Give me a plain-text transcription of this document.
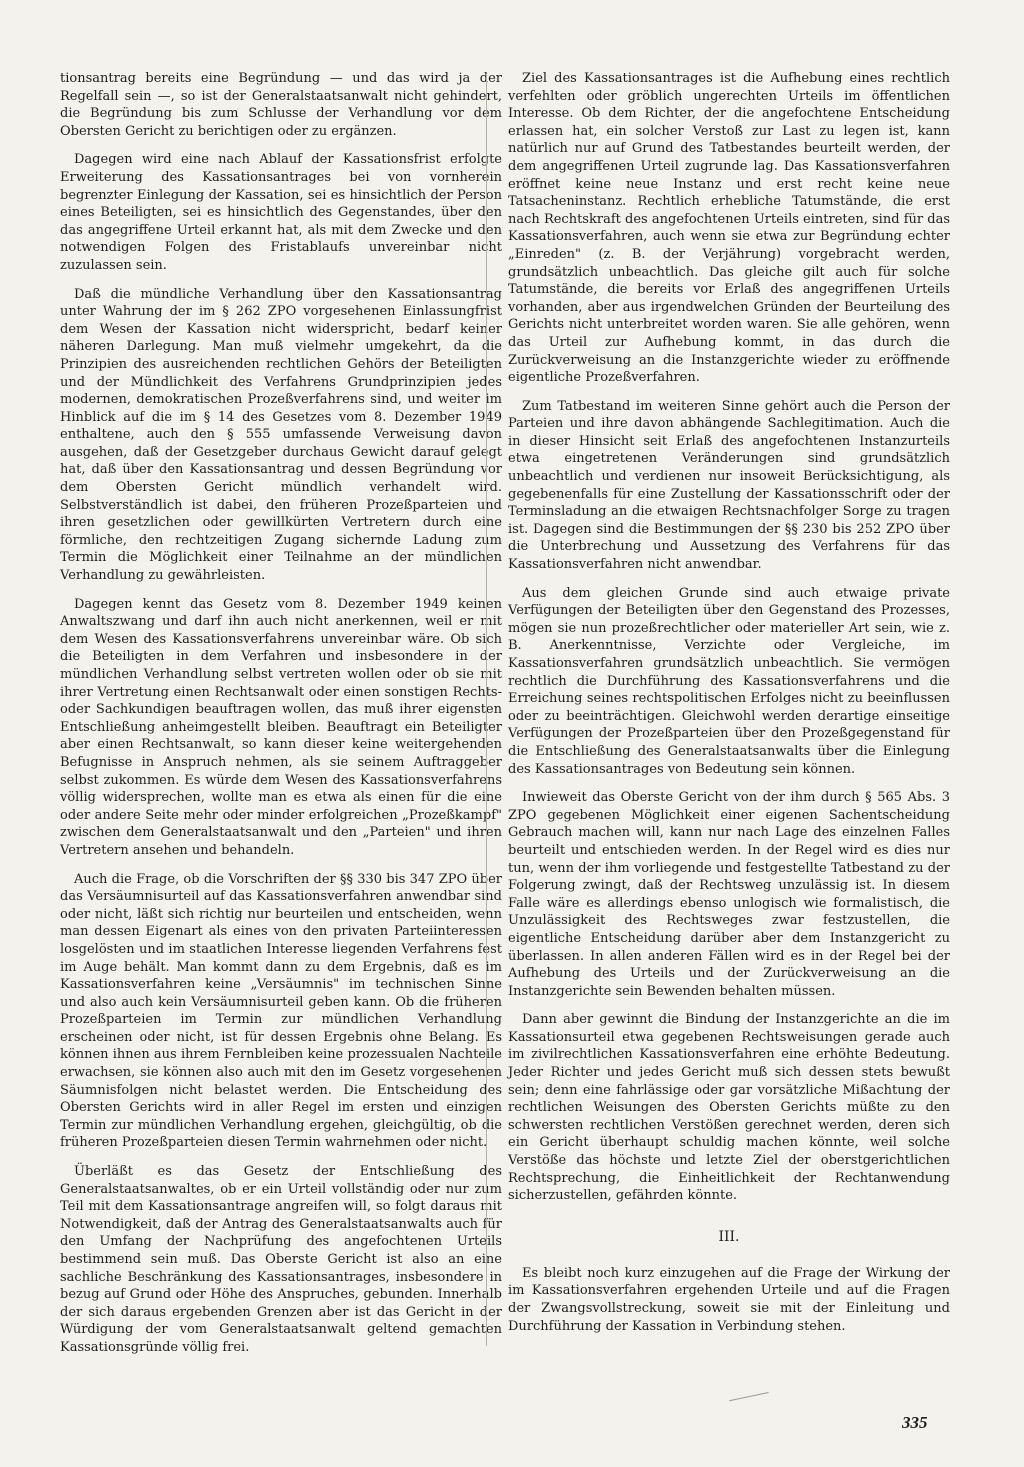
tionsantrag bereits eine Begründung — und das wird ja der Regelfall sein —, so ist der Generalstaatsanwalt nicht gehindert, die Begründung bis zum Schlusse der Verhandlung vor dem Obersten Gericht zu berichtigen oder zu ergänzen.

Dagegen wird eine nach Ablauf der Kassationsfrist erfolgte Erweiterung des Kassationsantrages bei von vornherein begrenzter Einlegung der Kassation, sei es hinsichtlich der Person eines Beteiligten, sei es hinsichtlich des Gegenstandes, über den das angegriffene Urteil erkannt hat, als mit dem Zwecke und den notwendigen Folgen des Fristablaufs unvereinbar nicht zuzulassen sein.

Daß die mündliche Verhandlung über den Kassationsantrag unter Wahrung der im § 262 ZPO vorgesehenen Einlassungfrist dem Wesen der Kassation nicht widerspricht, bedarf keiner näheren Darlegung. Man muß vielmehr umgekehrt, da die Prinzipien des ausreichenden rechtlichen Gehörs der Beteiligten und der Mündlichkeit des Verfahrens Grundprinzipien jedes modernen, demokratischen Prozeßverfahrens sind, und weiter im Hinblick auf die im § 14 des Gesetzes vom 8. Dezember 1949 enthaltene, auch den § 555 umfassende Verweisung davon ausgehen, daß der Gesetzgeber durchaus Gewicht darauf gelegt hat, daß über den Kassationsantrag und dessen Begründung vor dem Obersten Gericht mündlich verhandelt wird. Selbstverständlich ist dabei, den früheren Prozeßparteien und ihren gesetzlichen oder gewillkürten Vertretern durch eine förmliche, den rechtzeitigen Zugang sichernde Ladung zum Termin die Möglichkeit einer Teilnahme an der mündlichen Verhandlung zu gewährleisten.

Dagegen kennt das Gesetz vom 8. Dezember 1949 keinen Anwaltszwang und darf ihn auch nicht anerkennen, weil er mit dem Wesen des Kassationsverfahrens unvereinbar wäre. Ob sich die Beteiligten in dem Verfahren und insbesondere in der mündlichen Verhandlung selbst vertreten wollen oder ob sie mit ihrer Vertretung einen Rechtsanwalt oder einen sonstigen Rechts- oder Sachkundigen beauftragen wollen, das muß ihrer eigensten Entschließung anheimgestellt bleiben. Beauftragt ein Beteiligter aber einen Rechtsanwalt, so kann dieser keine weitergehenden Befugnisse in Anspruch nehmen, als sie seinem Auftraggeber selbst zukommen. Es würde dem Wesen des Kassationsverfahrens völlig widersprechen, wollte man es etwa als einen für die eine oder andere Seite mehr oder minder erfolgreichen „Prozeßkampf" zwischen dem Generalstaatsanwalt und den „Parteien" und ihren Vertretern ansehen und behandeln.

Auch die Frage, ob die Vorschriften der §§ 330 bis 347 ZPO über das Versäumnisurteil auf das Kassationsverfahren anwendbar sind oder nicht, läßt sich richtig nur beurteilen und entscheiden, wenn man dessen Eigenart als eines von den privaten Parteiinteressen losgelösten und im staatlichen Interesse liegenden Verfahrens fest im Auge behält. Man kommt dann zu dem Ergebnis, daß es im Kassationsverfahren keine „Versäumnis" im technischen Sinne und also auch kein Versäumnisurteil geben kann. Ob die früheren Prozeßparteien im Termin zur mündlichen Verhandlung erscheinen oder nicht, ist für dessen Ergebnis ohne Belang. Es können ihnen aus ihrem Fernbleiben keine prozessualen Nachteile erwachsen, sie können also auch mit den im Gesetz vorgesehenen Säumnisfolgen nicht belastet werden. Die Entscheidung des Obersten Gerichts wird in aller Regel im ersten und einzigen Termin zur mündlichen Verhandlung ergehen, gleichgültig, ob die früheren Prozeßparteien diesen Termin wahrnehmen oder nicht.

Überläßt es das Gesetz der Entschließung des Generalstaatsanwaltes, ob er ein Urteil vollständig oder nur zum Teil mit dem Kassationsantrage angreifen will, so folgt daraus mit Notwendigkeit, daß der Antrag des Generalstaatsanwalts auch für den Umfang der Nachprüfung des angefochtenen Urteils bestimmend sein muß. Das Oberste Gericht ist also an eine sachliche Beschränkung des Kassationsantrages, insbesondere in bezug auf Grund oder Höhe des Anspruches, gebunden. Innerhalb der sich daraus ergebenden Grenzen aber ist das Gericht in der Würdigung der vom Generalstaatsanwalt geltend gemachten Kassationsgründe völlig frei.

Ziel des Kassationsantrages ist die Aufhebung eines rechtlich verfehlten oder gröblich ungerechten Urteils im öffentlichen Interesse. Ob dem Richter, der die angefochtene Entscheidung erlassen hat, ein solcher Verstoß zur Last zu legen ist, kann natürlich nur auf Grund des Tatbestandes beurteilt werden, der dem angegriffenen Urteil zugrunde lag. Das Kassationsverfahren eröffnet keine neue Instanz und erst recht keine neue Tatsacheninstanz. Rechtlich erhebliche Tatumstände, die erst nach Rechtskraft des angefochtenen Urteils eintreten, sind für das Kassationsverfahren, auch wenn sie etwa zur Begründung echter „Einreden" (z. B. der Verjährung) vorgebracht werden, grundsätzlich unbeachtlich. Das gleiche gilt auch für solche Tatumstände, die bereits vor Erlaß des angegriffenen Urteils vorhanden, aber aus irgendwelchen Gründen der Beurteilung des Gerichts nicht unterbreitet worden waren. Sie alle gehören, wenn das Urteil zur Aufhebung kommt, in das durch die Zurückverweisung an die Instanzgerichte wieder zu eröffnende eigentliche Prozeßverfahren.

Zum Tatbestand im weiteren Sinne gehört auch die Person der Parteien und ihre davon abhängende Sachlegitimation. Auch die in dieser Hinsicht seit Erlaß des angefochtenen Instanzurteils etwa eingetretenen Veränderungen sind grundsätzlich unbeachtlich und verdienen nur insoweit Berücksichtigung, als gegebenenfalls für eine Zustellung der Kassationsschrift oder der Terminsladung an die etwaigen Rechtsnachfolger Sorge zu tragen ist. Dagegen sind die Bestimmungen der §§ 230 bis 252 ZPO über die Unterbrechung und Aussetzung des Verfahrens für das Kassationsverfahren nicht anwendbar.

Aus dem gleichen Grunde sind auch etwaige private Verfügungen der Beteiligten über den Gegenstand des Prozesses, mögen sie nun prozeßrechtlicher oder materieller Art sein, wie z. B. Anerkenntnisse, Verzichte oder Vergleiche, im Kassationsverfahren grundsätzlich unbeachtlich. Sie vermögen rechtlich die Durchführung des Kassationsverfahrens und die Erreichung seines rechtspolitischen Erfolges nicht zu beeinflussen oder zu beeinträchtigen. Gleichwohl werden derartige einseitige Verfügungen der Prozeßparteien über den Prozeßgegenstand für die Entschließung des Generalstaatsanwalts über die Einlegung des Kassationsantrages von Bedeutung sein können.

Inwieweit das Oberste Gericht von der ihm durch § 565 Abs. 3 ZPO gegebenen Möglichkeit einer eigenen Sachentscheidung Gebrauch machen will, kann nur nach Lage des einzelnen Falles beurteilt und entschieden werden. In der Regel wird es dies nur tun, wenn der ihm vorliegende und festgestellte Tatbestand zu der Folgerung zwingt, daß der Rechtsweg unzulässig ist. In diesem Falle wäre es allerdings ebenso unlogisch wie formalistisch, die Unzulässigkeit des Rechtsweges zwar festzustellen, die eigentliche Entscheidung darüber aber dem Instanzgericht zu überlassen. In allen anderen Fällen wird es in der Regel bei der Aufhebung des Urteils und der Zurückverweisung an die Instanzgerichte sein Bewenden behalten müssen.

Dann aber gewinnt die Bindung der Instanzgerichte an die im Kassationsurteil etwa gegebenen Rechtsweisungen gerade auch im zivilrechtlichen Kassationsverfahren eine erhöhte Bedeutung. Jeder Richter und jedes Gericht muß sich dessen stets bewußt sein; denn eine fahrlässige oder gar vorsätzliche Mißachtung der rechtlichen Weisungen des Obersten Gerichts müßte zu den schwersten rechtlichen Verstößen gerechnet werden, deren sich ein Gericht überhaupt schuldig machen könnte, weil solche Verstöße das höchste und letzte Ziel der oberstgerichtlichen Rechtsprechung, die Einheitlichkeit der Rechtanwendung sicherzustellen, gefährden könnte.

III.

Es bleibt noch kurz einzugehen auf die Frage der Wirkung der im Kassationsverfahren ergehenden Urteile und auf die Fragen der Zwangsvollstreckung, soweit sie mit der Einleitung und Durchführung der Kassation in Verbindung stehen.

335
